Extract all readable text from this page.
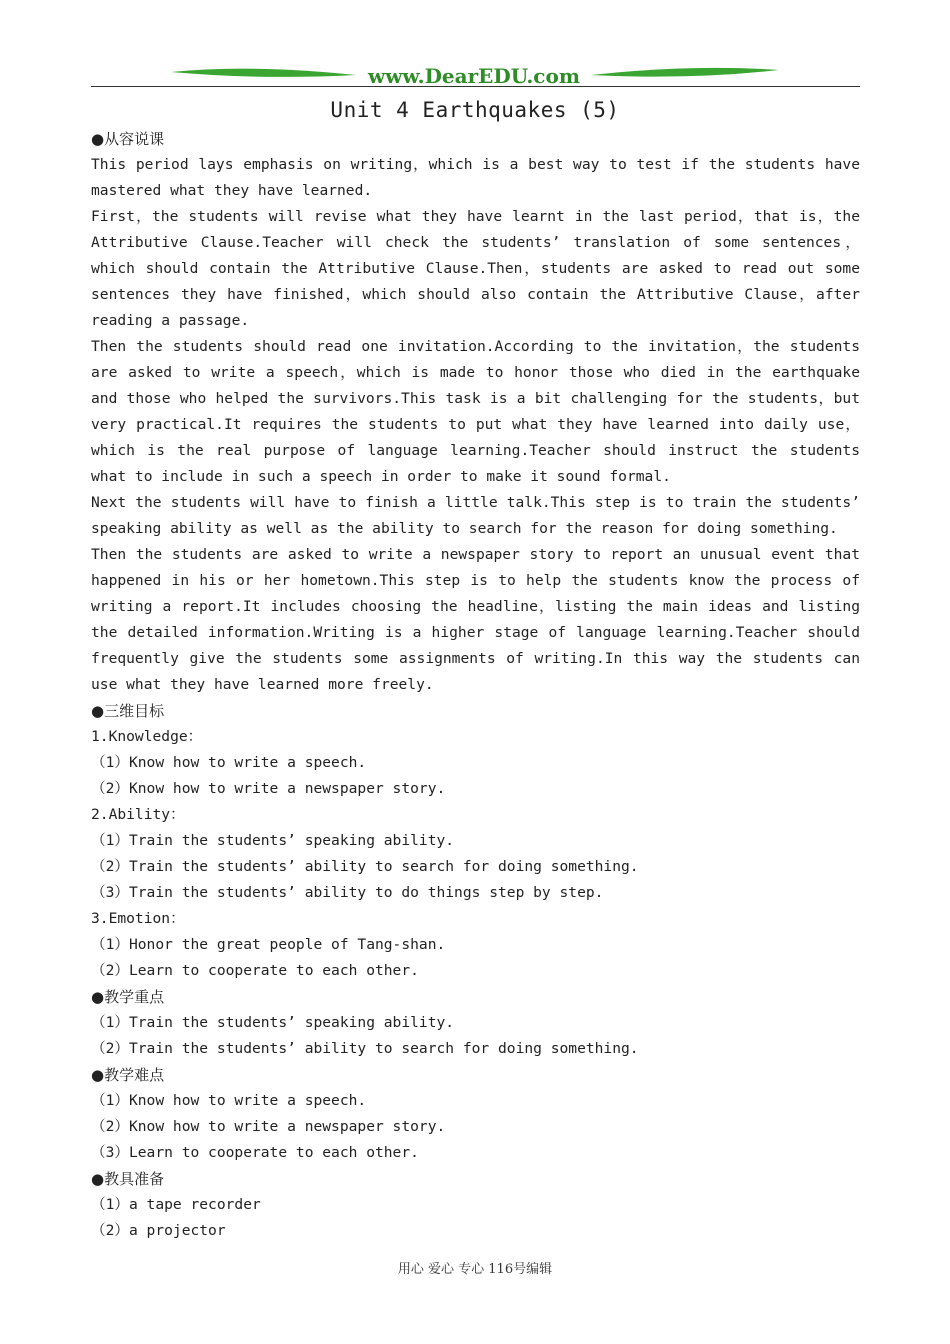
www.DearEDU.com
Unit 4 Earthquakes (5)
●从容说课

This period lays emphasis on writing，which is a best way to test if the students have mastered what they have learned.

First，the students will revise what they have learnt in the last period，that is，the Attributive Clause.Teacher will check the students’ translation of some sentences，which should contain the Attributive Clause.Then，students are asked to read out some sentences they have finished，which should also contain the Attributive Clause，after reading a passage.

Then the students should read one invitation.According to the invitation，the students are asked to write a speech，which is made to honor those who died in the earthquake and those who helped the survivors.This task is a bit challenging for the students，but very practical.It requires the students to put what they have learned into daily use，which is the real purpose of language learning.Teacher should instruct the students what to include in such a speech in order to make it sound formal.

Next the students will have to finish a little talk.This step is to train the students’ speaking ability as well as the ability to search for the reason for doing something.

Then the students are asked to write a newspaper story to report an unusual event that happened in his or her hometown.This step is to help the students know the process of writing a report.It includes choosing the headline，listing the main ideas and listing the detailed information.Writing is a higher stage of language learning.Teacher should frequently give the students some assignments of writing.In this way the students can use what they have learned more freely.

●三维目标
1.Knowledge：
（1）Know how to write a speech.
（2）Know how to write a newspaper story.
2.Ability：
（1）Train the students’ speaking ability.
（2）Train the students’ ability to search for doing something.
（3）Train the students’ ability to do things step by step.
3.Emotion：
（1）Honor the great people of Tang-shan.
（2）Learn to cooperate to each other.
●教学重点
（1）Train the students’ speaking ability.
（2）Train the students’ ability to search for doing something.
●教学难点
（1）Know how to write a speech.
（2）Know how to write a newspaper story.
（3）Learn to cooperate to each other.
●教具准备
（1）a tape recorder
（2）a projector
用心 爱心 专心 116号编辑
